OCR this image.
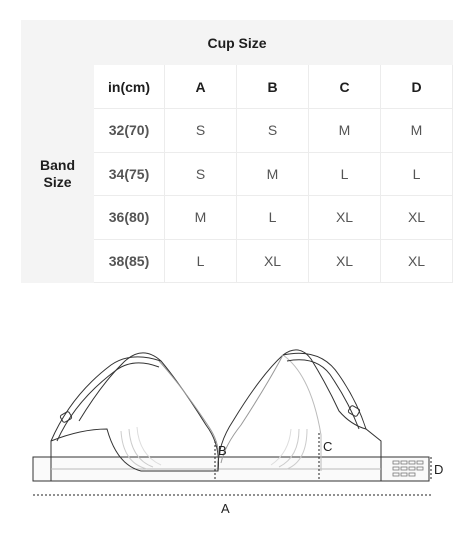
Cup Size					
Band
Size	in(cm)	A	B	C	D
	32(70)	S	S	M	M
	34(75)	S	M	L	L
	36(80)	M	L	XL	XL
	38(85)	L	XL	XL	XL
B	C
D
A
